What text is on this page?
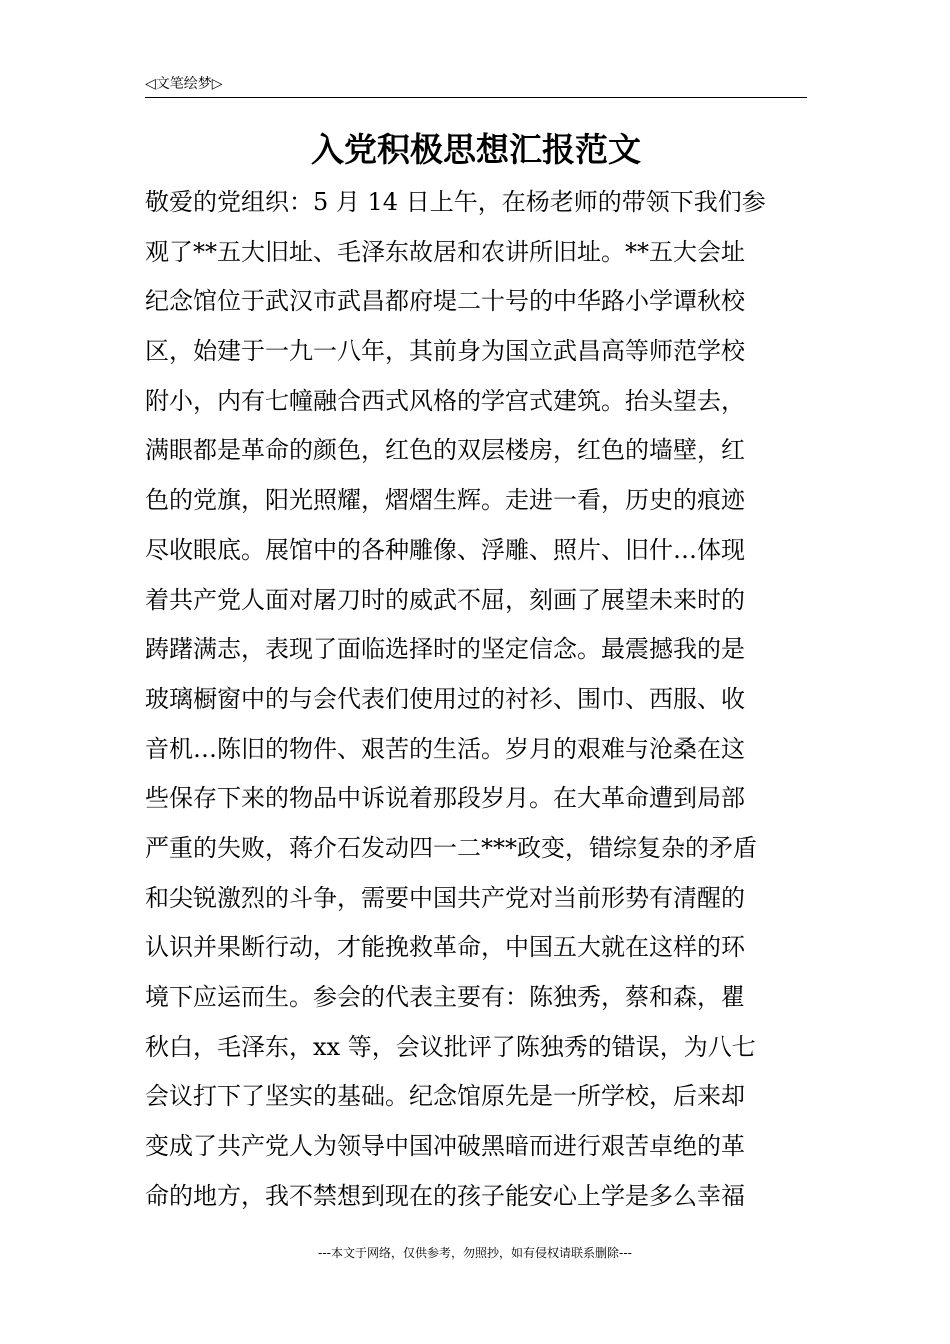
◁文笔绘梦▷
入党积极思想汇报范文
敬爱的党组织：5 月 14 日上午，在杨老师的带领下我们参
观了**五大旧址、毛泽东故居和农讲所旧址。**五大会址
纪念馆位于武汉市武昌都府堤二十号的中华路小学谭秋校
区，始建于一九一八年，其前身为国立武昌高等师范学校
附小，内有七幢融合西式风格的学宫式建筑。抬头望去，
满眼都是革命的颜色，红色的双层楼房，红色的墙壁，红
色的党旗，阳光照耀，熠熠生辉。走进一看，历史的痕迹
尽收眼底。展馆中的各种雕像、浮雕、照片、旧什…体现
着共产党人面对屠刀时的威武不屈，刻画了展望未来时的
踌躇满志，表现了面临选择时的坚定信念。最震撼我的是
玻璃橱窗中的与会代表们使用过的衬衫、围巾、西服、收
音机…陈旧的物件、艰苦的生活。岁月的艰难与沧桑在这
些保存下来的物品中诉说着那段岁月。在大革命遭到局部
严重的失败，蒋介石发动四一二***政变，错综复杂的矛盾
和尖锐激烈的斗争，需要中国共产党对当前形势有清醒的
认识并果断行动，才能挽救革命，中国五大就在这样的环
境下应运而生。参会的代表主要有：陈独秀，蔡和森，瞿
秋白，毛泽东，xx 等，会议批评了陈独秀的错误，为八七
会议打下了坚实的基础。纪念馆原先是一所学校，后来却
变成了共产党人为领导中国冲破黑暗而进行艰苦卓绝的革
命的地方，我不禁想到现在的孩子能安心上学是多么幸福
---本文于网络，仅供参考，勿照抄，如有侵权请联系删除---
